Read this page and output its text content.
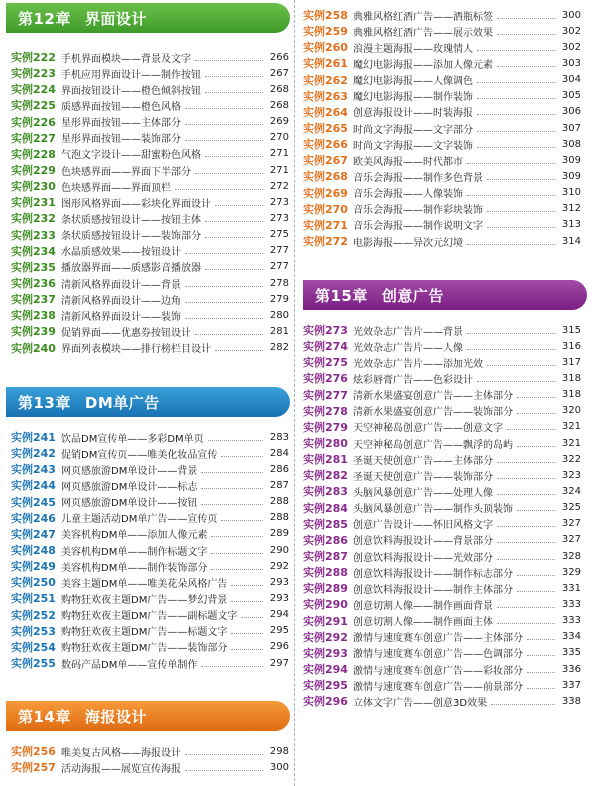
第12章 界面设计
实例222 手机界面模块——背景及文字	266
实例223 手机应用界面设计——制作按钮	267
实例224 界面按钮设计——橙色倾斜按钮	268
实例225 质感界面按钮——橙色风格	268
实例226 星形界面按钮——主体部分	269
实例227 星形界面按钮——装饰部分	270
实例228 气泡文字设计——甜蜜粉色风格	271
实例229 色块感界面——界面下半部分	271
实例230 色块感界面——界面顶栏	272
实例231 图形风格界面——彩块化界面设计	273
实例232 条状质感按钮设计——按钮主体	273
实例233 条状质感按钮设计——装饰部分	275
实例234 水晶质感效果——按钮设计	277
实例235 播放器界面——质感影音播放器	277
实例236 清新风格界面设计——背景	278
实例237 清新风格界面设计——边角	279
实例238 清新风格界面设计——装饰	280
实例239 促销界面——优惠券按钮设计	281
实例240 界面列表模块——排行榜栏目设计	282
第13章 DM单广告
实例241 饮品DM宣传单——多彩DM单页	283
实例242 促销DM宣传页——唯美化妆品宣传	284
实例243 网页感旅游DM单设计——背景	286
实例244 网页感旅游DM单设计——标志	287
实例245 网页感旅游DM单设计——按钮	288
实例246 儿童主题活动DM单广告——宣传页	288
实例247 美容机构DM单——添加人像元素	289
实例248 美容机构DM单——制作标题文字	290
实例249 美容机构DM单——制作装饰部分	292
实例250 美容主题DM单——唯美花朵风格广告	293
实例251 购物狂欢夜主题DM广告——梦幻背景	293
实例252 购物狂欢夜主题DM广告——副标题文字	294
实例253 购物狂欢夜主题DM广告——标题文字	295
实例254 购物狂欢夜主题DM广告——装饰部分	296
实例255 数码产品DM单——宣传单制作	297
第14章 海报设计
实例256 唯美复古风格——海报设计	298
实例257 活动海报——展览宣传海报	300
实例258 典雅风格红酒广告——酒瓶标签	300
实例259 典雅风格红酒广告——展示效果	302
实例260 浪漫主题海报——玫瑰情人	302
实例261 魔幻电影海报——添加人像元素	303
实例262 魔幻电影海报——人像调色	304
实例263 魔幻电影海报——制作装饰	305
实例264 创意海报设计——时装海报	306
实例265 时尚文字海报——文字部分	307
实例266 时尚文字海报——文字装饰	308
实例267 欧美风海报——时代都市	309
实例268 音乐会海报——制作多色背景	309
实例269 音乐会海报——人像装饰	310
实例270 音乐会海报——制作彩块装饰	312
实例271 音乐会海报——制作说明文字	313
实例272 电影海报——异次元幻境	314
第15章 创意广告
实例273 光效杂志广告片——背景	315
实例274 光效杂志广告片——人像	316
实例275 光效杂志广告片——添加光效	317
实例276 炫彩唇膏广告——色彩设计	318
实例277 清新水果盛宴创意广告——主体部分	318
实例278 清新水果盛宴创意广告——装饰部分	320
实例279 天空神秘岛创意广告——创意文字	321
实例280 天空神秘岛创意广告——飘浮的岛屿	321
实例281 圣诞天使创意广告——主体部分	322
实例282 圣诞天使创意广告——装饰部分	323
实例283 头脑风暴创意广告——处理人像	324
实例284 头脑风暴创意广告——制作头顶装饰	325
实例285 创意广告设计——怀旧风格文字	327
实例286 创意饮料海报设计——背景部分	327
实例287 创意饮料海报设计——光效部分	328
实例288 创意饮料海报设计——制作标志部分	329
实例289 创意饮料海报设计——制作主体部分	331
实例290 创意切割人像——制作画面背景	333
实例291 创意切割人像——制作画面主体	333
实例292 激情与速度赛车创意广告——主体部分	334
实例293 激情与速度赛车创意广告——色调部分	335
实例294 激情与速度赛车创意广告——彩妆部分	336
实例295 激情与速度赛车创意广告——前景部分	337
实例296 立体文字广告——创意3D效果	338
